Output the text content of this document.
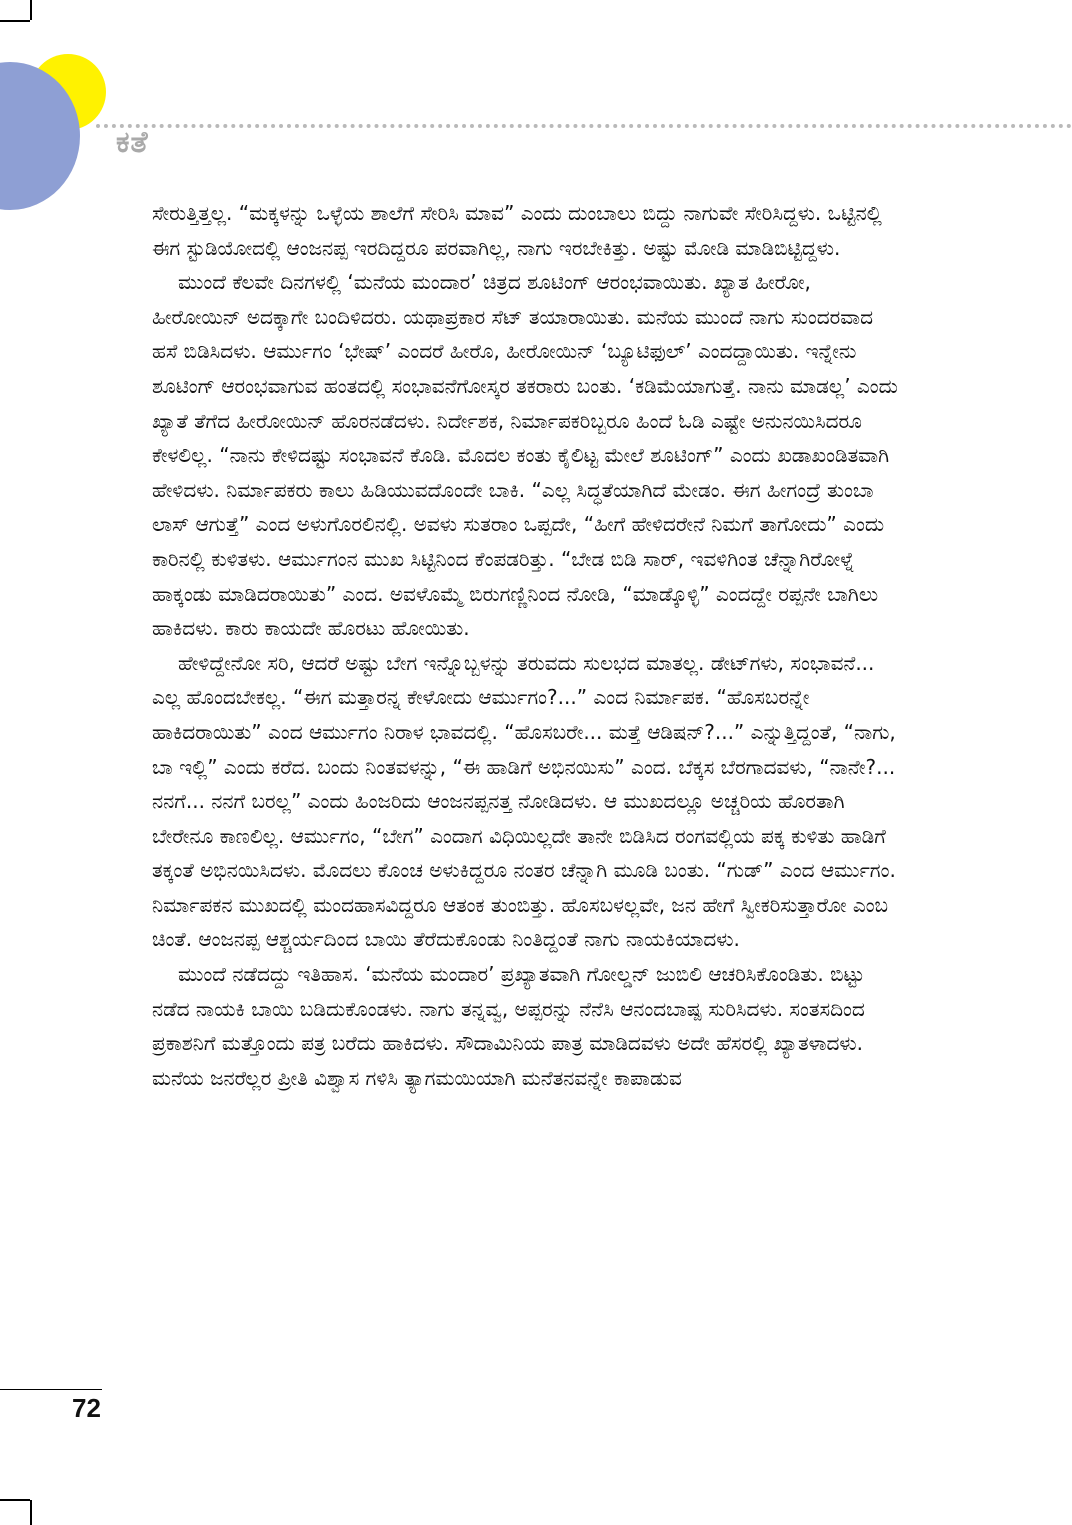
ಕತೆ

ಸೇರುತ್ತಿತ್ತಲ್ಲ. “ಮಕ್ಕಳನ್ನು ಒಳ್ಳೆಯ ಶಾಲೆಗೆ ಸೇರಿಸಿ ಮಾವ” ಎಂದು ದುಂಬಾಲು ಬಿದ್ದು ನಾಗುವೇ ಸೇರಿಸಿದ್ದಳು. ಒಟ್ಟಿನಲ್ಲಿ ಈಗ ಸ್ಟುಡಿಯೋದಲ್ಲಿ ಆಂಜನಪ್ಪ ಇರದಿದ್ದರೂ ಪರವಾಗಿಲ್ಲ, ನಾಗು ಇರಬೇಕಿತ್ತು. ಅಷ್ಟು ಮೋಡಿ ಮಾಡಿಬಿಟ್ಟಿದ್ದಳು.

ಮುಂದೆ ಕೆಲವೇ ದಿನಗಳಲ್ಲಿ ‘ಮನೆಯ ಮಂದಾರ’ ಚಿತ್ರದ ಶೂಟಿಂಗ್ ಆರಂಭವಾಯಿತು. ಖ್ಯಾತ ಹೀರೋ, ಹೀರೋಯಿನ್ ಅದಕ್ಕಾಗೇ ಬಂದಿಳಿದರು. ಯಥಾಪ್ರಕಾರ ಸೆಟ್ ತಯಾರಾಯಿತು. ಮನೆಯ ಮುಂದೆ ನಾಗು ಸುಂದರವಾದ ಹಸೆ ಬಿಡಿಸಿದಳು. ಆರ್ಮುಗಂ ‘ಭೇಷ್’ ಎಂದರೆ ಹೀರೊ, ಹೀರೋಯಿನ್ ‘ಬ್ಯೂಟಿಫುಲ್’ ಎಂದದ್ದಾಯಿತು. ಇನ್ನೇನು ಶೂಟಿಂಗ್ ಆರಂಭವಾಗುವ ಹಂತದಲ್ಲಿ ಸಂಭಾವನೆಗೋಸ್ಕರ ತಕರಾರು ಬಂತು. ‘ಕಡಿಮೆಯಾಗುತ್ತೆ. ನಾನು ಮಾಡಲ್ಲ’ ಎಂದು ಖ್ಯಾತೆ ತೆಗೆದ ಹೀರೋಯಿನ್ ಹೊರನಡೆದಳು. ನಿರ್ದೇಶಕ, ನಿರ್ಮಾಪಕರಿಬ್ಬರೂ ಹಿಂದೆ ಓಡಿ ಎಷ್ಟೇ ಅನುನಯಿಸಿದರೂ ಕೇಳಲಿಲ್ಲ. “ನಾನು ಕೇಳಿದಷ್ಟು ಸಂಭಾವನೆ ಕೊಡಿ. ಮೊದಲ ಕಂತು ಕೈಲಿಟ್ಟ ಮೇಲೆ ಶೂಟಿಂಗ್” ಎಂದು ಖಡಾಖಂಡಿತವಾಗಿ ಹೇಳಿದಳು. ನಿರ್ಮಾಪಕರು ಕಾಲು ಹಿಡಿಯುವದೊಂದೇ ಬಾಕಿ. “ಎಲ್ಲ ಸಿದ್ಧತೆಯಾಗಿದೆ ಮೇಡಂ. ಈಗ ಹೀಗಂದ್ರೆ ತುಂಬಾ ಲಾಸ್ ಆಗುತ್ತೆ” ಎಂದ ಅಳುಗೊರಲಿನಲ್ಲಿ. ಅವಳು ಸುತರಾಂ ಒಪ್ಪದೇ, “ಹೀಗೆ ಹೇಳಿದರೇನೆ ನಿಮಗೆ ತಾಗೋದು” ಎಂದು ಕಾರಿನಲ್ಲಿ ಕುಳಿತಳು. ಆರ್ಮುಗಂನ ಮುಖ ಸಿಟ್ಟಿನಿಂದ ಕೆಂಪಡರಿತ್ತು. “ಬೇಡ ಬಿಡಿ ಸಾರ್, ಇವಳಿಗಿಂತ ಚೆನ್ನಾಗಿರೋಳ್ನೆ ಹಾಕ್ಕಂಡು ಮಾಡಿದರಾಯಿತು” ಎಂದ. ಅವಳೊಮ್ಮೆ ಬಿರುಗಣ್ಣಿನಿಂದ ನೋಡಿ, “ಮಾಡ್ಕೊಳ್ಳಿ” ಎಂದದ್ದೇ ರಪ್ಪನೇ ಬಾಗಿಲು ಹಾಕಿದಳು. ಕಾರು ಕಾಯದೇ ಹೊರಟು ಹೋಯಿತು.

ಹೇಳಿದ್ದೇನೋ ಸರಿ, ಆದರೆ ಅಷ್ಟು ಬೇಗ ಇನ್ನೊಬ್ಬಳನ್ನು ತರುವದು ಸುಲಭದ ಮಾತಲ್ಲ. ಡೇಟ್‌ಗಳು, ಸಂಭಾವನೆ... ಎಲ್ಲ ಹೊಂದಬೇಕಲ್ಲ. “ಈಗ ಮತ್ತಾರನ್ನ ಕೇಳೋದು ಆರ್ಮುಗಂ?...” ಎಂದ ನಿರ್ಮಾಪಕ. “ಹೊಸಬರನ್ನೇ ಹಾಕಿದರಾಯಿತು” ಎಂದ ಆರ್ಮುಗಂ ನಿರಾಳ ಭಾವದಲ್ಲಿ. “ಹೊಸಬರೇ... ಮತ್ತೆ ಆಡಿಷನ್?...” ಎನ್ನುತ್ತಿದ್ದಂತೆ, “ನಾಗು, ಬಾ ಇಲ್ಲಿ” ಎಂದು ಕರೆದ. ಬಂದು ನಿಂತವಳನ್ನು, “ಈ ಹಾಡಿಗೆ ಅಭಿನಯಿಸು” ಎಂದ. ಬೆಕ್ಕಸ ಬೆರಗಾದವಳು, “ನಾನೇ?... ನನಗೆ... ನನಗೆ ಬರಲ್ಲ” ಎಂದು ಹಿಂಜರಿದು ಆಂಜನಪ್ಪನತ್ತ ನೋಡಿದಳು. ಆ ಮುಖದಲ್ಲೂ ಅಚ್ಚರಿಯ ಹೊರತಾಗಿ ಬೇರೇನೂ ಕಾಣಲಿಲ್ಲ. ಆರ್ಮುಗಂ, “ಬೇಗ” ಎಂದಾಗ ವಿಧಿಯಿಲ್ಲದೇ ತಾನೇ ಬಿಡಿಸಿದ ರಂಗವಲ್ಲಿಯ ಪಕ್ಕ ಕುಳಿತು ಹಾಡಿಗೆ ತಕ್ಕಂತೆ ಅಭಿನಯಿಸಿದಳು. ಮೊದಲು ಕೊಂಚ ಅಳುಕಿದ್ದರೂ ನಂತರ ಚೆನ್ನಾಗಿ ಮೂಡಿ ಬಂತು. “ಗುಡ್” ಎಂದ ಆರ್ಮುಗಂ. ನಿರ್ಮಾಪಕನ ಮುಖದಲ್ಲಿ ಮಂದಹಾಸವಿದ್ದರೂ ಆತಂಕ ತುಂಬಿತ್ತು. ಹೊಸಬಳಲ್ಲವೇ, ಜನ ಹೇಗೆ ಸ್ವೀಕರಿಸುತ್ತಾರೋ ಎಂಬ ಚಿಂತೆ. ಆಂಜನಪ್ಪ ಆಶ್ಚರ್ಯದಿಂದ ಬಾಯಿ ತೆರೆದುಕೊಂಡು ನಿಂತಿದ್ದಂತೆ ನಾಗು ನಾಯಕಿಯಾದಳು.

ಮುಂದೆ ನಡೆದದ್ದು ಇತಿಹಾಸ. ‘ಮನೆಯ ಮಂದಾರ’ ಪ್ರಖ್ಯಾತವಾಗಿ ಗೋಲ್ಡನ್ ಜುಬಿಲಿ ಆಚರಿಸಿಕೊಂಡಿತು. ಬಿಟ್ಟು ನಡೆದ ನಾಯಕಿ ಬಾಯಿ ಬಡಿದುಕೊಂಡಳು. ನಾಗು ತನ್ನವ್ವ, ಅಪ್ಪರನ್ನು ನೆನೆಸಿ ಆನಂದಬಾಷ್ಪ ಸುರಿಸಿದಳು. ಸಂತಸದಿಂದ ಪ್ರಕಾಶನಿಗೆ ಮತ್ತೊಂದು ಪತ್ರ ಬರೆದು ಹಾಕಿದಳು. ಸೌದಾಮಿನಿಯ ಪಾತ್ರ ಮಾಡಿದವಳು ಅದೇ ಹೆಸರಲ್ಲಿ ಖ್ಯಾತಳಾದಳು. ಮನೆಯ ಜನರೆಲ್ಲರ ಪ್ರೀತಿ ವಿಶ್ವಾಸ ಗಳಿಸಿ ತ್ಯಾಗಮಯಿಯಾಗಿ ಮನೆತನವನ್ನೇ ಕಾಪಾಡುವ

72
